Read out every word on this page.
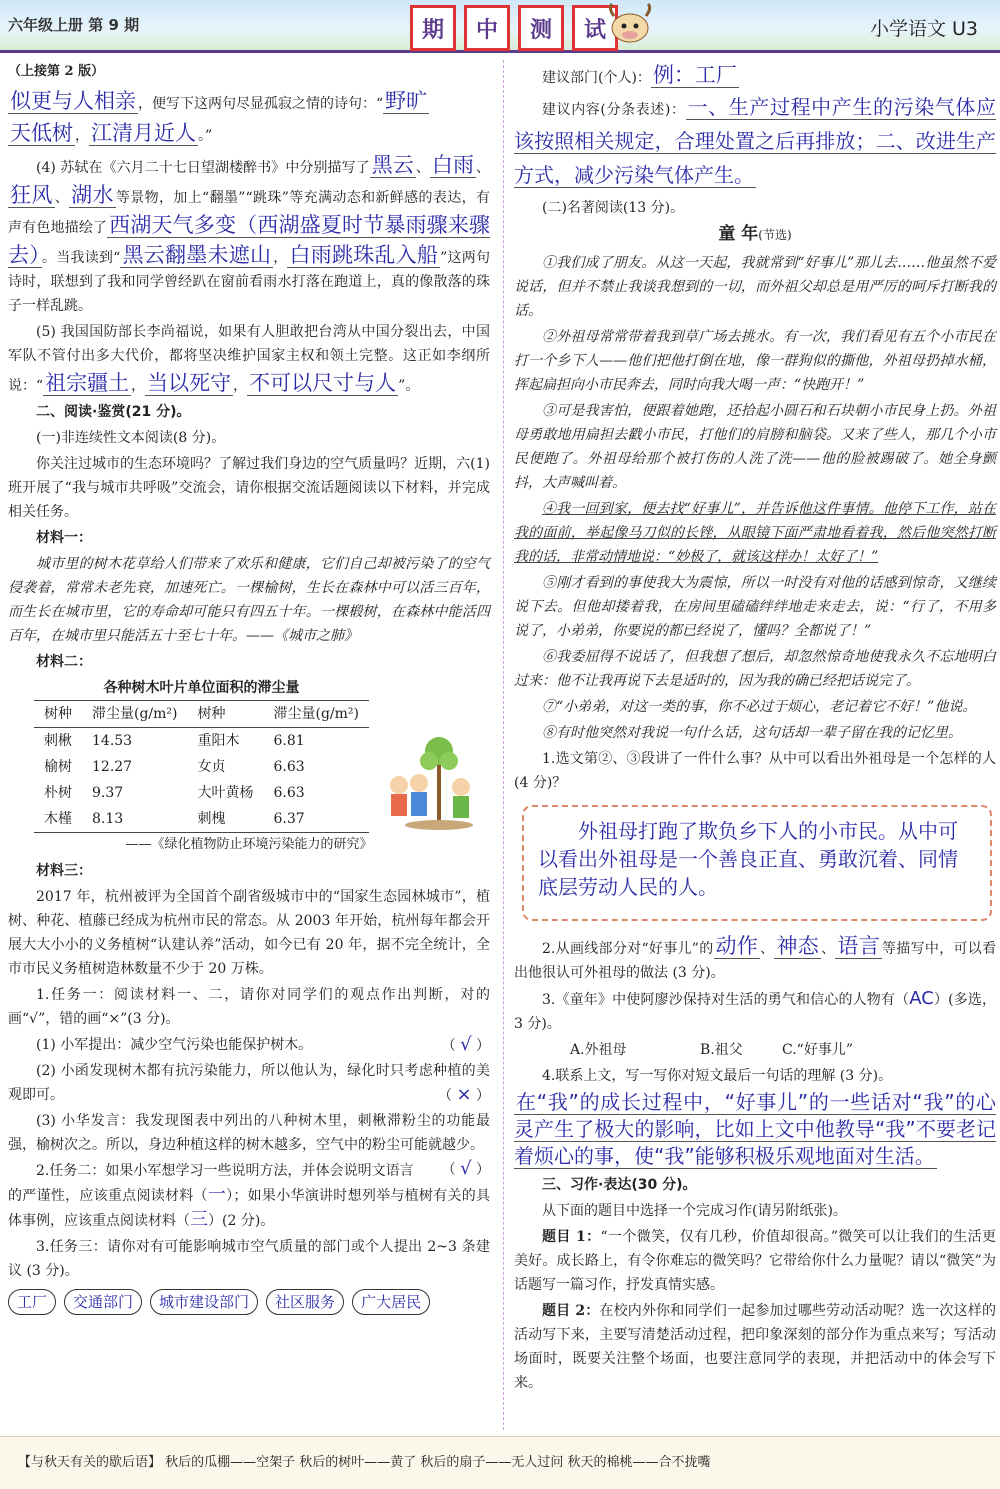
六年级上册 第 9 期	期	中	测	试	小学语文 U3

（上接第 2 版）

似更与人相亲 ，便写下这两句尽显孤寂之情的诗句：“野旷

天低树 ，江清月近人 。”

(4) 苏轼在《六月二十七日望湖楼醉书》中分别描写了黑云 、白雨 、狂风 、湖水 等景物，加上“翻墨”“跳珠”等充满动态和新鲜感的表达，有声有色地描绘了西湖天气多变（西湖盛夏时节暴雨骤来骤去） 。当我读到“黑云翻墨未遮山 ，白雨跳珠乱入船 ”这两句诗时，联想到了我和同学曾经趴在窗前看雨水打落在跑道上，真的像散落的珠子一样乱跳。

(5) 我国国防部长李尚福说，如果有人胆敢把台湾从中国分裂出去，中国军队不管付出多大代价，都将坚决维护国家主权和领土完整。这正如李纲所说：“祖宗疆土 ，当以死守 ，不可以尺寸与人 ”。

二、阅读·鉴赏(21 分)。

(一)非连续性文本阅读(8 分)。

你关注过城市的生态环境吗？了解过我们身边的空气质量吗？近期，六(1) 班开展了“我与城市共呼吸”交流会，请你根据交流话题阅读以下材料，并完成相关任务。

材料一：

城市里的树木花草给人们带来了欢乐和健康，它们自己却被污染了的空气侵袭着，常常未老先衰，加速死亡。一棵榆树，生长在森林中可以活三百年，而生长在城市里，它的寿命却可能只有四五十年。一棵椴树，在森林中能活四百年，在城市里只能活五十至七十年。——《城市之肺》

材料二：

各种树木叶片单位面积的滞尘量
树种	滞尘量(g/m²)	树种	滞尘量(g/m²)
刺楸	14.53	重阳木	6.81
榆树	12.27	女贞	6.63
朴树	9.37	大叶黄杨	6.63
木槿	8.13	刺槐	6.37

——《绿化植物防止环境污染能力的研究》

材料三：

2017 年，杭州被评为全国首个副省级城市中的“国家生态园林城市”，植树、种花、植藤已经成为杭州市民的常态。从 2003 年开始，杭州每年都会开展大大小小的义务植树“认建认养”活动，如今已有 20 年，据不完全统计，全市市民义务植树造林数量不少于 20 万株。

1.任务一：阅读材料一、二，请你对同学们的观点作出判断，对的画“√”，错的画“×”(3 分)。

(1) 小军提出：减少空气污染也能保护树木。	（ √ ）

(2) 小函发现树木都有抗污染能力，所以他认为，绿化时只考虑种植的美观即可。	（ × ）

(3) 小华发言：我发现图表中列出的八种树木里，刺楸滞粉尘的功能最强，榆树次之。所以，身边种植这样的树木越多，空气中的粉尘可能就越少。
（ √ ）

2.任务二：如果小军想学习一些说明方法，并体会说明文语言的严谨性，应该重点阅读材料（一）；如果小华演讲时想列举与植树有关的具体事例，应该重点阅读材料（三）(2 分)。

3.任务三：请你对有可能影响城市空气质量的部门或个人提出 2~3 条建议 (3 分)。

工厂	交通部门	城市建设部门	社区服务	广大居民

建议部门(个人)：例：工厂

建议内容(分条表述)： 一、生产过程中产生的污染气体应该按照相关规定，合理处置之后再排放；二、改进生产方式，减少污染气体产生。

(二)名著阅读(13 分)。

童 年(节选)

①我们成了朋友。从这一天起，我就常到“好事儿”那儿去……他虽然不爱说话，但并不禁止我谈我想到的一切，而外祖父却总是用严厉的呵斥打断我的话。

②外祖母常常带着我到草广场去挑水。有一次，我们看见有五个小市民在打一个乡下人——他们把他打倒在地，像一群狗似的撕他，外祖母扔掉水桶，挥起扁担向小市民奔去，同时向我大喝一声：“快跑开！”

③可是我害怕，便跟着她跑，还拾起小圆石和石块朝小市民身上扔。外祖母勇敢地用扁担去戳小市民，打他们的肩膀和脑袋。又来了些人，那几个小市民便跑了。外祖母给那个被打伤的人洗了洗——他的脸被踢破了。她全身颤抖，大声喊叫着。

④我一回到家，便去找“好事儿”，并告诉他这件事情。他停下工作，站在我的面前，举起像马刀似的长锉，从眼镜下面严肃地看着我，然后他突然打断我的话，非常动情地说：“妙极了，就该这样办！太好了！”

⑤刚才看到的事使我大为震惊，所以一时没有对他的话感到惊奇，又继续说下去。但他却搂着我，在房间里磕磕绊绊地走来走去，说：“行了，不用多说了，小弟弟，你要说的都已经说了，懂吗？全都说了！”

⑥我委屈得不说话了，但我想了想后，却忽然惊奇地使我永久不忘地明白过来：他不让我再说下去是适时的，因为我的确已经把话说完了。

⑦“小弟弟，对这一类的事，你不必过于烦心，老记着它不好！”他说。

⑧有时他突然对我说一句什么话，这句话却一辈子留在我的记忆里。

1.选文第②、③段讲了一件什么事？从中可以看出外祖母是一个怎样的人 (4 分)？

外祖母打跑了欺负乡下人的小市民。从中可以看出外祖母是一个善良正直、勇敢沉着、同情底层劳动人民的人。

2.从画线部分对“好事儿”的动作 、神态 、语言 等描写中，可以看出他很认可外祖母的做法 (3 分)。

3.《童年》中使阿廖沙保持对生活的勇气和信心的人物有（AC）(多选，3 分)。

A.外祖母	B.祖父	C.“好事儿”

4.联系上文，写一写你对短文最后一句话的理解 (3 分)。

在“我”的成长过程中，“好事儿”的一些话对“我”的心灵产生了极大的影响，比如上文中他教导“我”不要老记着烦心的事，使“我”能够积极乐观地面对生活。

三、习作·表达(30 分)。

从下面的题目中选择一个完成习作(请另附纸张)。

题目 1：“一个微笑，仅有几秒，价值却很高。”微笑可以让我们的生活更美好。成长路上，有令你难忘的微笑吗？它带给你什么力量呢？请以“微笑”为话题写一篇习作，抒发真情实感。

题目 2：在校内外你和同学们一起参加过哪些劳动活动呢？选一次这样的活动写下来，主要写清楚活动过程，把印象深刻的部分作为重点来写；写活动场面时，既要关注整个场面，也要注意同学的表现，并把活动中的体会写下来。

【与秋天有关的歇后语】 秋后的瓜棚——空架子 秋后的树叶——黄了 秋后的扇子——无人过问 秋天的棉桃——合不拢嘴
